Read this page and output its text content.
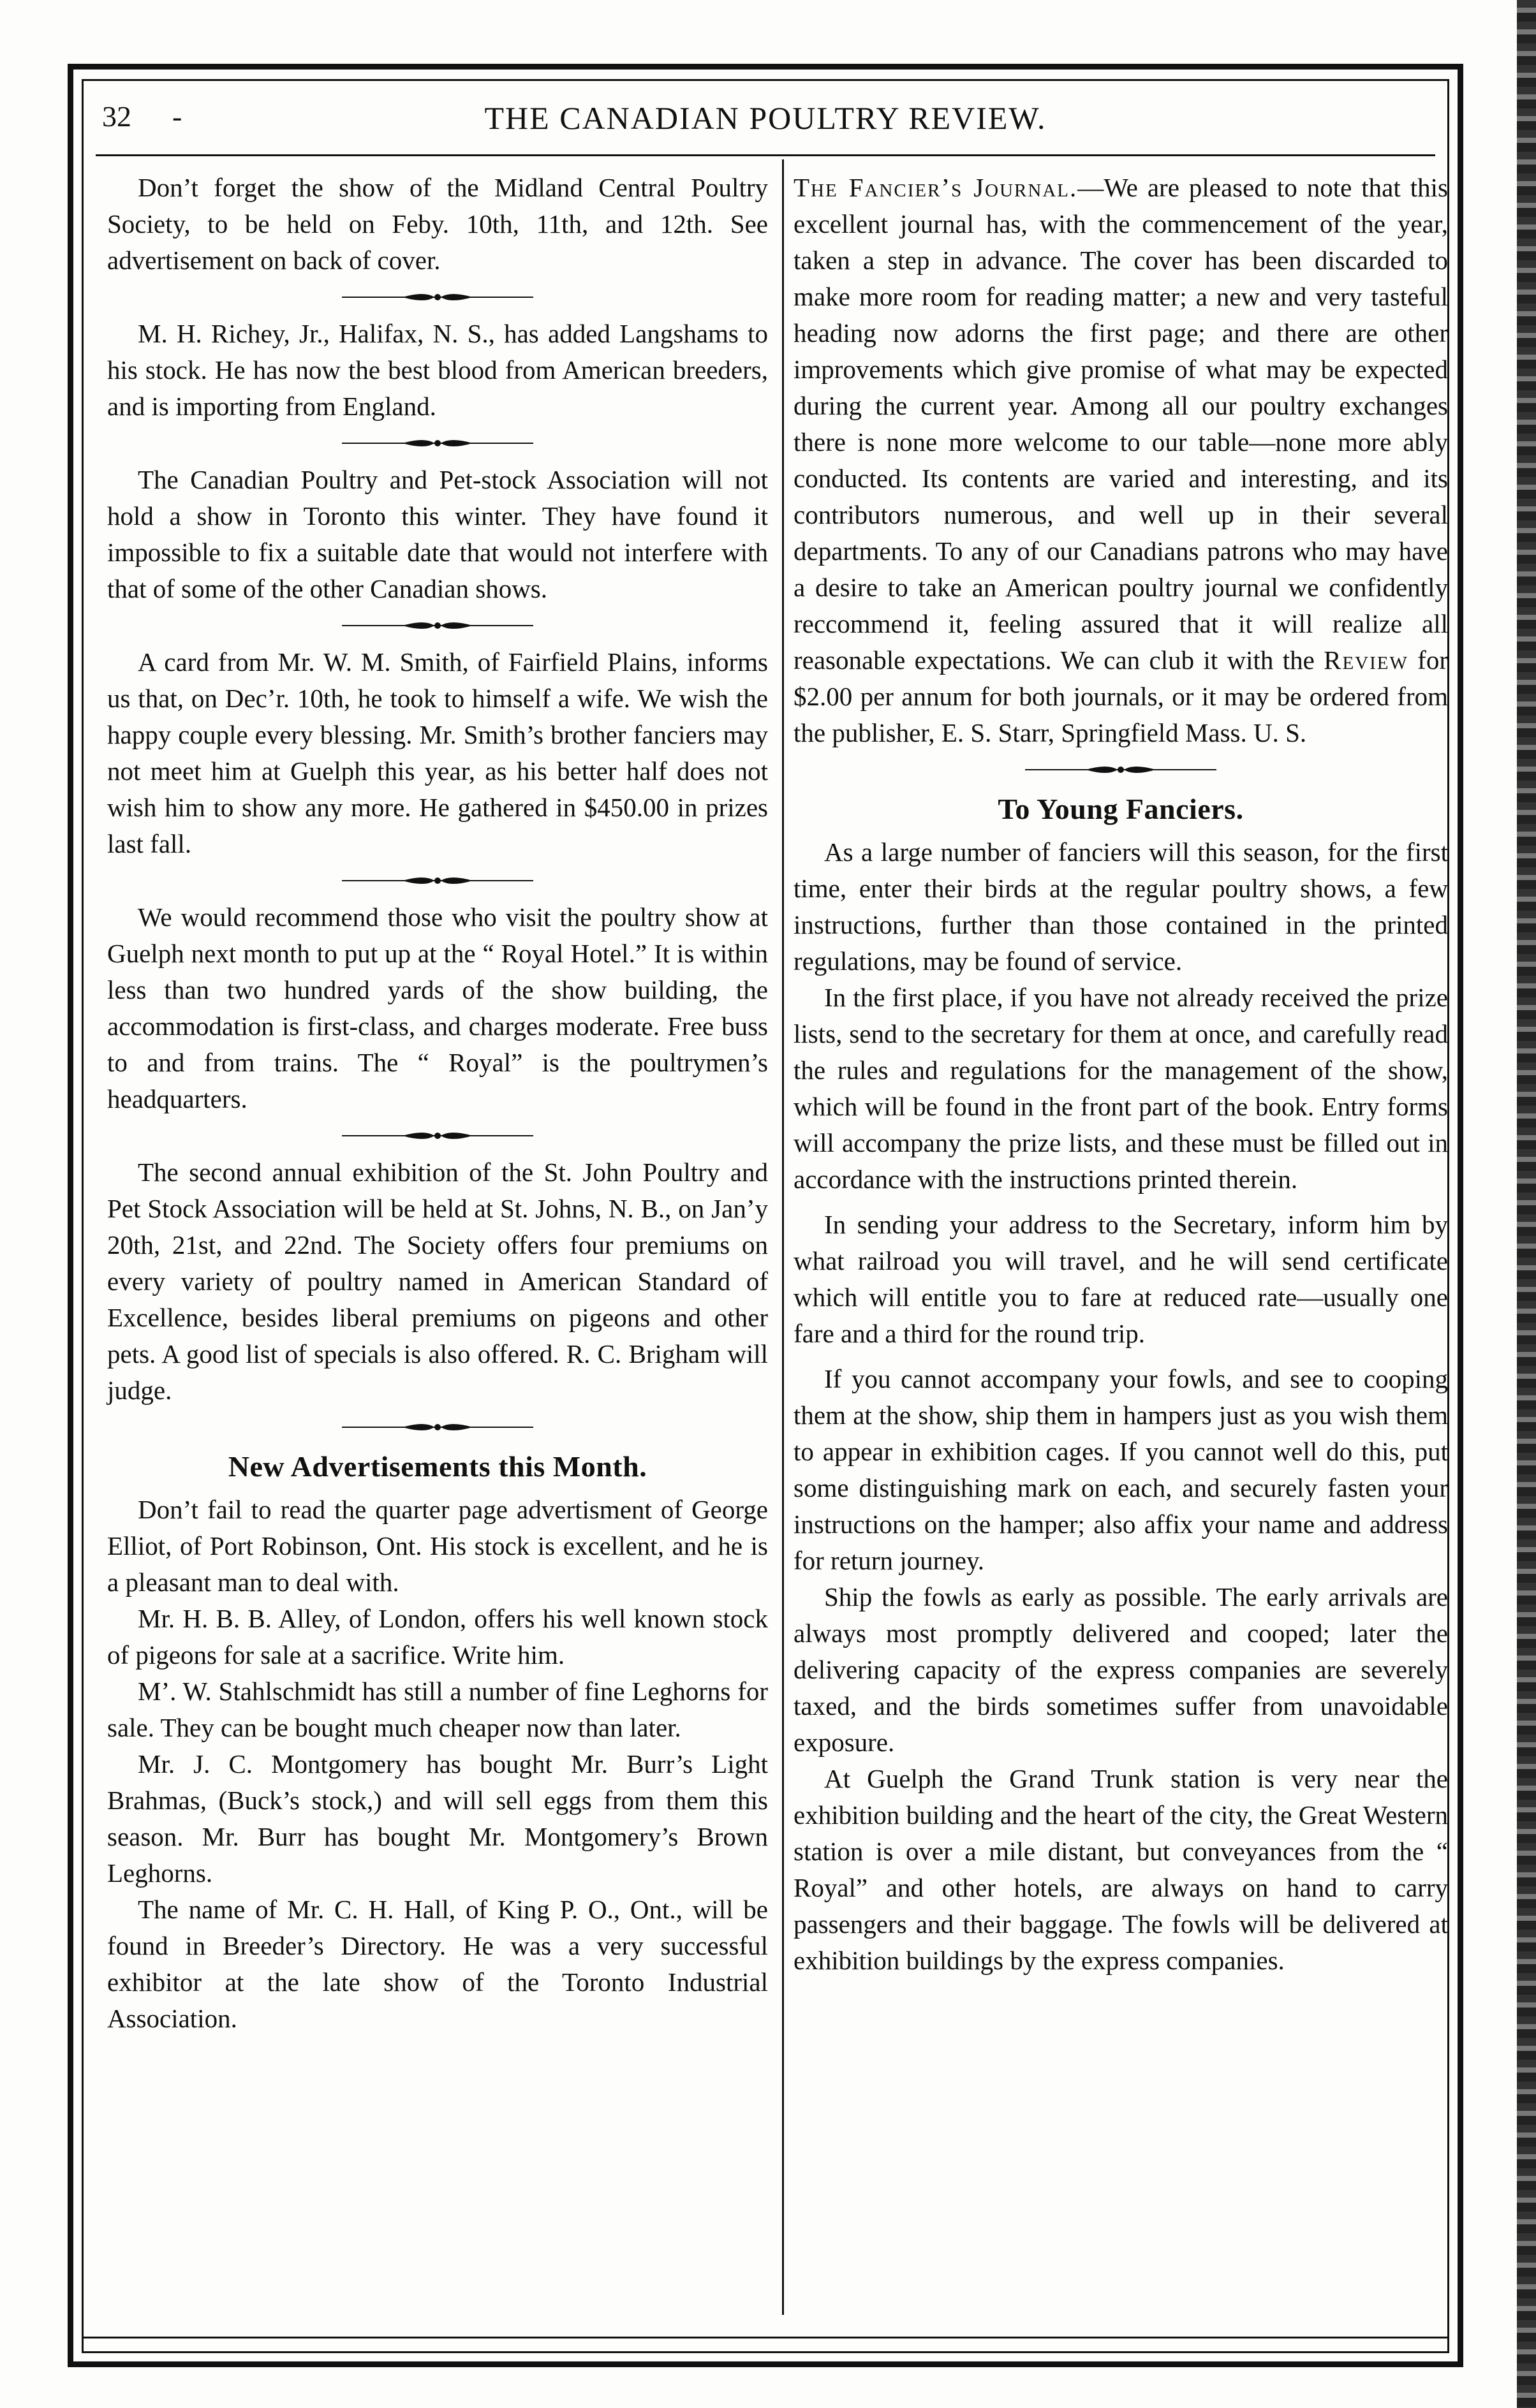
32 -	THE CANADIAN POULTRY REVIEW.

Don’t forget the show of the Midland Central Poultry Society, to be held on Feby. 10th, 11th, and 12th. See advertisement on back of cover.

M. H. Richey, Jr., Halifax, N. S., has added Langshams to his stock. He has now the best blood from American breeders, and is importing from England.

The Canadian Poultry and Pet-stock Association will not hold a show in Toronto this winter. They have found it impossible to fix a suitable date that would not interfere with that of some of the other Canadian shows.

A card from Mr. W. M. Smith, of Fairfield Plains, informs us that, on Dec’r. 10th, he took to himself a wife. We wish the happy couple every blessing. Mr. Smith’s brother fanciers may not meet him at Guelph this year, as his better half does not wish him to show any more. He gathered in $450.00 in prizes last fall.

We would recommend those who visit the poultry show at Guelph next month to put up at the “ Royal Hotel.” It is within less than two hundred yards of the show building, the accommodation is first-class, and charges moderate. Free buss to and from trains. The “ Royal” is the poultrymen’s headquarters.

The second annual exhibition of the St. John Poultry and Pet Stock Association will be held at St. Johns, N. B., on Jan’y 20th, 21st, and 22nd. The Society offers four premiums on every variety of poultry named in American Standard of Excellence, besides liberal premiums on pigeons and other pets. A good list of specials is also offered. R. C. Brigham will judge.

New Advertisements this Month.

Don’t fail to read the quarter page advertisment of George Elliot, of Port Robinson, Ont. His stock is excellent, and he is a pleasant man to deal with.

Mr. H. B. B. Alley, of London, offers his well known stock of pigeons for sale at a sacrifice. Write him.

M’. W. Stahlschmidt has still a number of fine Leghorns for sale. They can be bought much cheaper now than later.

Mr. J. C. Montgomery has bought Mr. Burr’s Light Brahmas, (Buck’s stock,) and will sell eggs from them this season. Mr. Burr has bought Mr. Montgomery’s Brown Leghorns.

The name of Mr. C. H. Hall, of King P. O., Ont., will be found in Breeder’s Directory. He was a very successful exhibitor at the late show of the Toronto Industrial Association.

The Fancier’s Journal.—We are pleased to note that this excellent journal has, with the commencement of the year, taken a step in advance. The cover has been discarded to make more room for reading matter; a new and very tasteful heading now adorns the first page; and there are other improvements which give promise of what may be expected during the current year. Among all our poultry exchanges there is none more welcome to our table—none more ably conducted. Its contents are varied and interesting, and its contributors numerous, and well up in their several departments. To any of our Canadians patrons who may have a desire to take an American poultry journal we confidently reccommend it, feeling assured that it will realize all reasonable expectations. We can club it with the Review for $2.00 per annum for both journals, or it may be ordered from the publisher, E. S. Starr, Springfield Mass. U. S.

To Young Fanciers.

As a large number of fanciers will this season, for the first time, enter their birds at the regular poultry shows, a few instructions, further than those contained in the printed regulations, may be found of service.

In the first place, if you have not already received the prize lists, send to the secretary for them at once, and carefully read the rules and regulations for the management of the show, which will be found in the front part of the book. Entry forms will accompany the prize lists, and these must be filled out in accordance with the instructions printed therein.

In sending your address to the Secretary, inform him by what railroad you will travel, and he will send certificate which will entitle you to fare at reduced rate—usually one fare and a third for the round trip.

If you cannot accompany your fowls, and see to cooping them at the show, ship them in hampers just as you wish them to appear in exhibition cages. If you cannot well do this, put some distinguishing mark on each, and securely fasten your instructions on the hamper; also affix your name and address for return journey.

Ship the fowls as early as possible. The early arrivals are always most promptly delivered and cooped; later the delivering capacity of the express companies are severely taxed, and the birds sometimes suffer from unavoidable exposure.

At Guelph the Grand Trunk station is very near the exhibition building and the heart of the city, the Great Western station is over a mile distant, but conveyances from the “ Royal” and other hotels, are always on hand to carry passengers and their baggage. The fowls will be delivered at exhibition buildings by the express companies.
